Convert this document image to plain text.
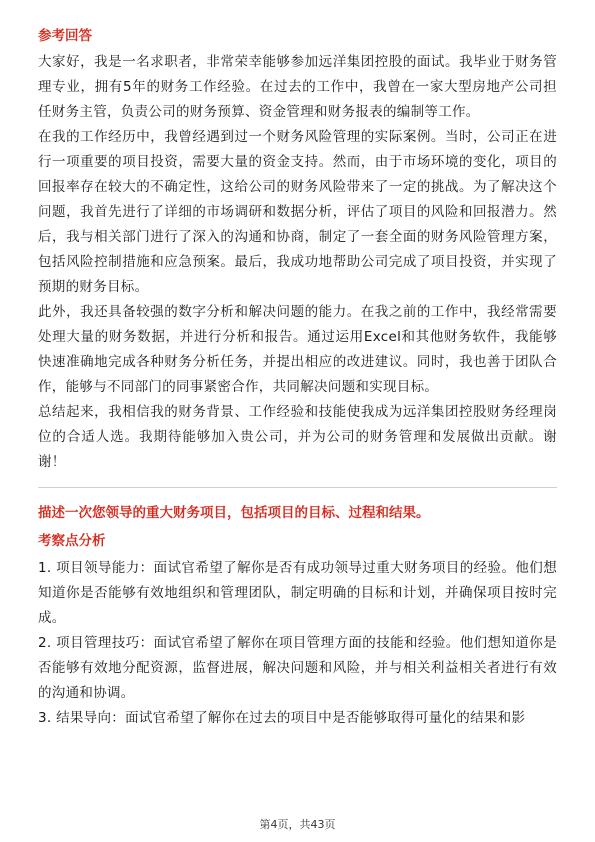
参考回答

大家好，我是一名求职者，非常荣幸能够参加远洋集团控股的面试。我毕业于财务管理专业，拥有5年的财务工作经验。在过去的工作中，我曾在一家大型房地产公司担任财务主管，负责公司的财务预算、资金管理和财务报表的编制等工作。

在我的工作经历中，我曾经遇到过一个财务风险管理的实际案例。当时，公司正在进行一项重要的项目投资，需要大量的资金支持。然而，由于市场环境的变化，项目的回报率存在较大的不确定性，这给公司的财务风险带来了一定的挑战。为了解决这个问题，我首先进行了详细的市场调研和数据分析，评估了项目的风险和回报潜力。然后，我与相关部门进行了深入的沟通和协商，制定了一套全面的财务风险管理方案，包括风险控制措施和应急预案。最后，我成功地帮助公司完成了项目投资，并实现了预期的财务目标。

此外，我还具备较强的数字分析和解决问题的能力。在我之前的工作中，我经常需要处理大量的财务数据，并进行分析和报告。通过运用Excel和其他财务软件，我能够快速准确地完成各种财务分析任务，并提出相应的改进建议。同时，我也善于团队合作，能够与不同部门的同事紧密合作，共同解决问题和实现目标。

总结起来，我相信我的财务背景、工作经验和技能使我成为远洋集团控股财务经理岗位的合适人选。我期待能够加入贵公司，并为公司的财务管理和发展做出贡献。谢谢！

描述一次您领导的重大财务项目，包括项目的目标、过程和结果。
考察点分析

1. 项目领导能力：面试官希望了解你是否有成功领导过重大财务项目的经验。他们想知道你是否能够有效地组织和管理团队，制定明确的目标和计划，并确保项目按时完成。

2. 项目管理技巧：面试官希望了解你在项目管理方面的技能和经验。他们想知道你是否能够有效地分配资源，监督进展，解决问题和风险，并与相关利益相关者进行有效的沟通和协调。

3. 结果导向：面试官希望了解你在过去的项目中是否能够取得可量化的结果和影

第4页，共43页
